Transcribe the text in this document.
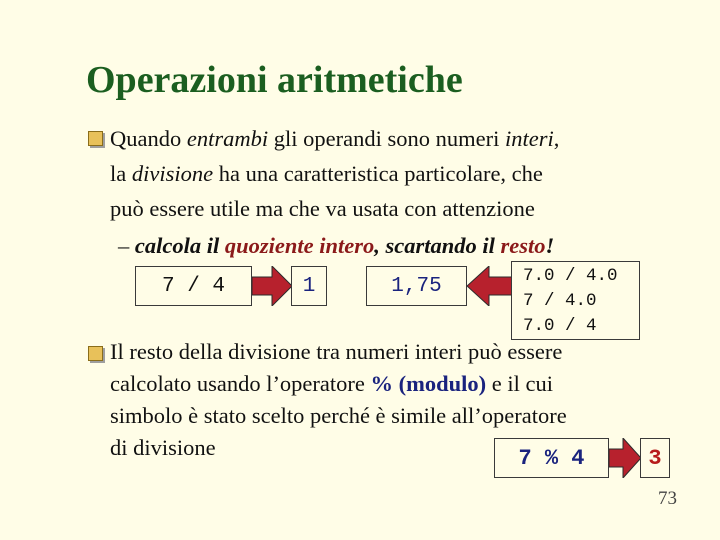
Operazioni aritmetiche
Quando entrambi gli operandi sono numeri interi,
la divisione ha una caratteristica particolare, che
può essere utile ma che va usata con attenzione
– calcola il quoziente intero, scartando il resto!
7 / 4	1	1,75	7.0 / 4.0
7 / 4.0
7.0 / 4
Il resto della divisione tra numeri interi può essere
calcolato usando l’operatore % (modulo) e il cui
simbolo è stato scelto perché è simile all’operatore
di divisione	7 % 4	3
73
